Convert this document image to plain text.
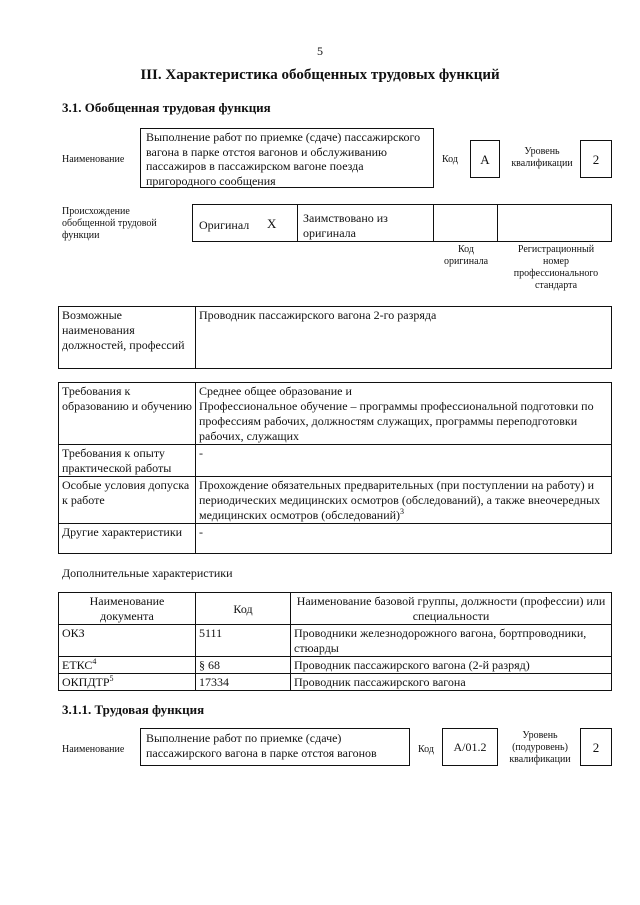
5
III. Характеристика обобщенных трудовых функций
3.1. Обобщенная трудовая функция
Наименование
Выполнение работ по приемке (сдаче) пассажирского вагона в парке отстоя вагонов и обслуживанию пассажиров в пассажирском вагоне поезда пригородного сообщения
Код	A
Уровень квалификации	2
Происхождение обобщенной трудовой функции
Оригинал X Заимствовано из оригинала
Код оригинала
Регистрационный номер профессионального стандарта
Возможные наименования должностей, профессий	Проводник пассажирского вагона 2-го разряда
Требования к образованию и обучению	Среднее общее образование и
Профессиональное обучение – программы профессиональной подготовки по профессиям рабочих, должностям служащих, программы переподготовки рабочих, служащих

Требования к опыту практической работы	-
Особые условия допуска к работе	Прохождение обязательных предварительных (при поступлении на работу) и периодических медицинских осмотров (обследований), а также внеочередных медицинских осмотров (обследований)$^3$
Другие характеристики	-
Дополнительные характеристики
Наименование документа	Код	Наименование базовой группы, должности (профессии) или специальности
ОКЗ	5111	Проводники железнодорожного вагона, бортпроводники, стюарды
ЕТКС$^4$	§ 68	Проводник пассажирского вагона (2-й разряд)
ОКПДТР$^5$	17334	Проводник пассажирского вагона
3.1.1. Трудовая функция
Наименование
Выполнение работ по приемке (сдаче) пассажирского вагона в парке отстоя вагонов	Код	A/01.2
Уровень (подуровень) квалификации
2
